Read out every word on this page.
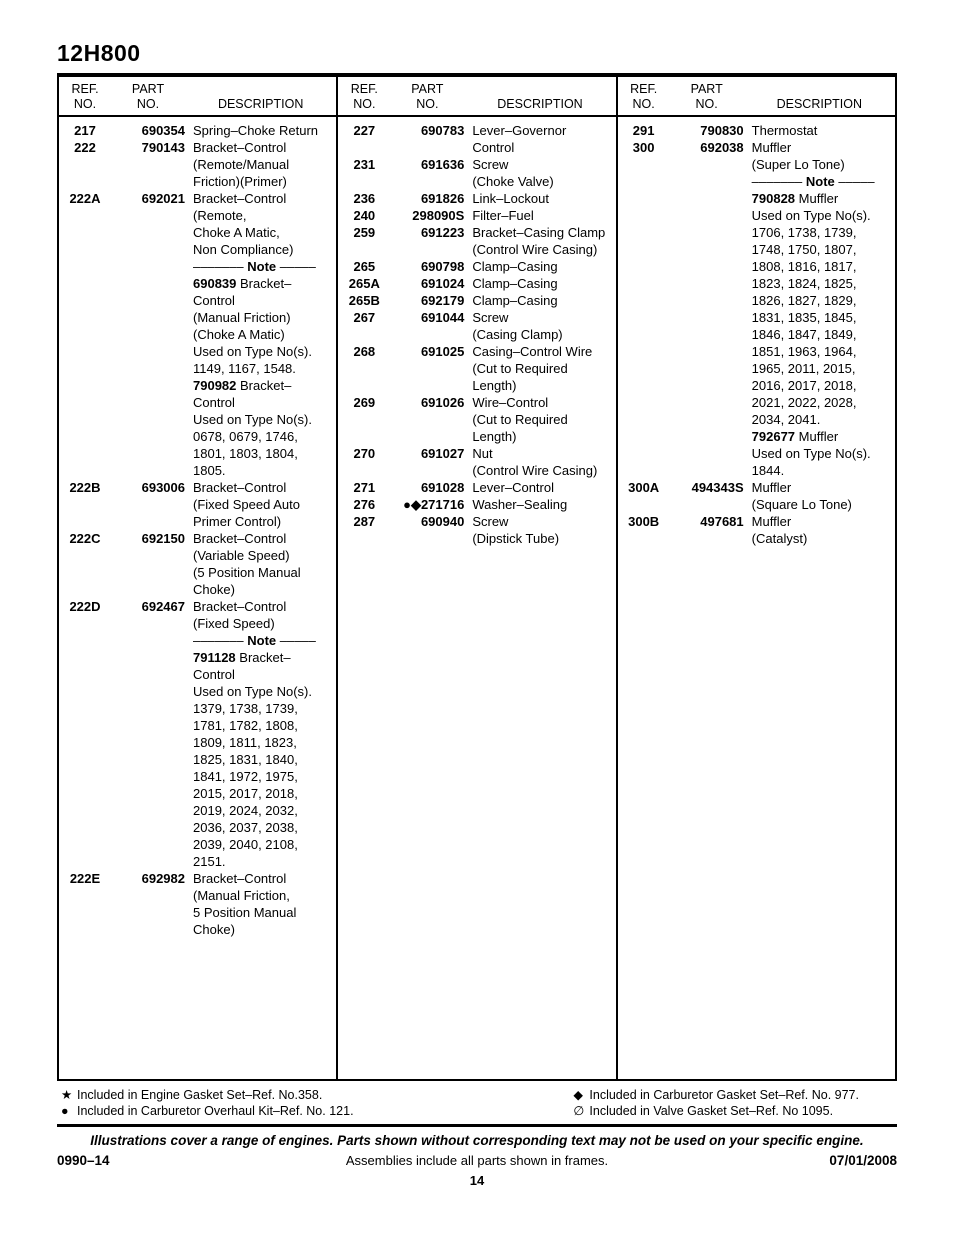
12H800
REF.	PART
NO.	NO.	DESCRIPTION
217	690354 Spring–Choke Return
222	790143 Bracket–Control
(Remote/Manual
Friction)(Primer)
222A	692021 Bracket–Control
(Remote,
Choke A Matic,
Non Compliance)
––––––– Note –––––
690839 Bracket–
Control
(Manual Friction)
(Choke A Matic)
Used on Type No(s).
1149, 1167, 1548.
790982 Bracket–
Control
Used on Type No(s).
0678, 0679, 1746,
1801, 1803, 1804,
1805.
222B	693006 Bracket–Control
(Fixed Speed Auto
Primer Control)
222C	692150 Bracket–Control
(Variable Speed)
(5 Position Manual
Choke)
222D	692467 Bracket–Control
(Fixed Speed)
––––––– Note –––––
791128 Bracket–
Control
Used on Type No(s).
1379, 1738, 1739,
1781, 1782, 1808,
1809, 1811, 1823,
1825, 1831, 1840,
1841, 1972, 1975,
2015, 2017, 2018,
2019, 2024, 2032,
2036, 2037, 2038,
2039, 2040, 2108,
2151.
222E	692982 Bracket–Control
(Manual Friction,
5 Position Manual
Choke)
REF.	PART
NO.	NO.	DESCRIPTION
227	690783 Lever–Governor
Control
231	691636 Screw
(Choke Valve)
236	691826 Link–Lockout
240	298090S Filter–Fuel
259	691223 Bracket–Casing Clamp
(Control Wire Casing)
265	690798 Clamp–Casing
265A	691024 Clamp–Casing
265B	692179 Clamp–Casing
267	691044 Screw
(Casing Clamp)
268	691025 Casing–Control Wire
(Cut to Required
Length)
269	691026 Wire–Control
(Cut to Required
Length)
270	691027 Nut
(Control Wire Casing)
271	691028 Lever–Control
276	●◆271716 Washer–Sealing
287	690940 Screw
(Dipstick Tube)
REF.	PART
NO.	NO.	DESCRIPTION
291	790830 Thermostat
300	692038 Muffler
(Super Lo Tone)
––––––– Note –––––
790828 Muffler
Used on Type No(s).
1706, 1738, 1739,
1748, 1750, 1807,
1808, 1816, 1817,
1823, 1824, 1825,
1826, 1827, 1829,
1831, 1835, 1845,
1846, 1847, 1849,
1851, 1963, 1964,
1965, 2011, 2015,
2016, 2017, 2018,
2021, 2022, 2028,
2034, 2041.
792677 Muffler
Used on Type No(s).
1844.
300A	494343S Muffler
(Square Lo Tone)
300B	497681 Muffler
(Catalyst)
★ Included in Engine Gasket Set–Ref. No.358.
● Included in Carburetor Overhaul Kit–Ref. No. 121.
◆ Included in Carburetor Gasket Set–Ref. No. 977.
∅ Included in Valve Gasket Set–Ref. No 1095.
Illustrations cover a range of engines. Parts shown without corresponding text may not be used on your specific engine.
0990–14	Assemblies include all parts shown in frames.	07/01/2008
14
